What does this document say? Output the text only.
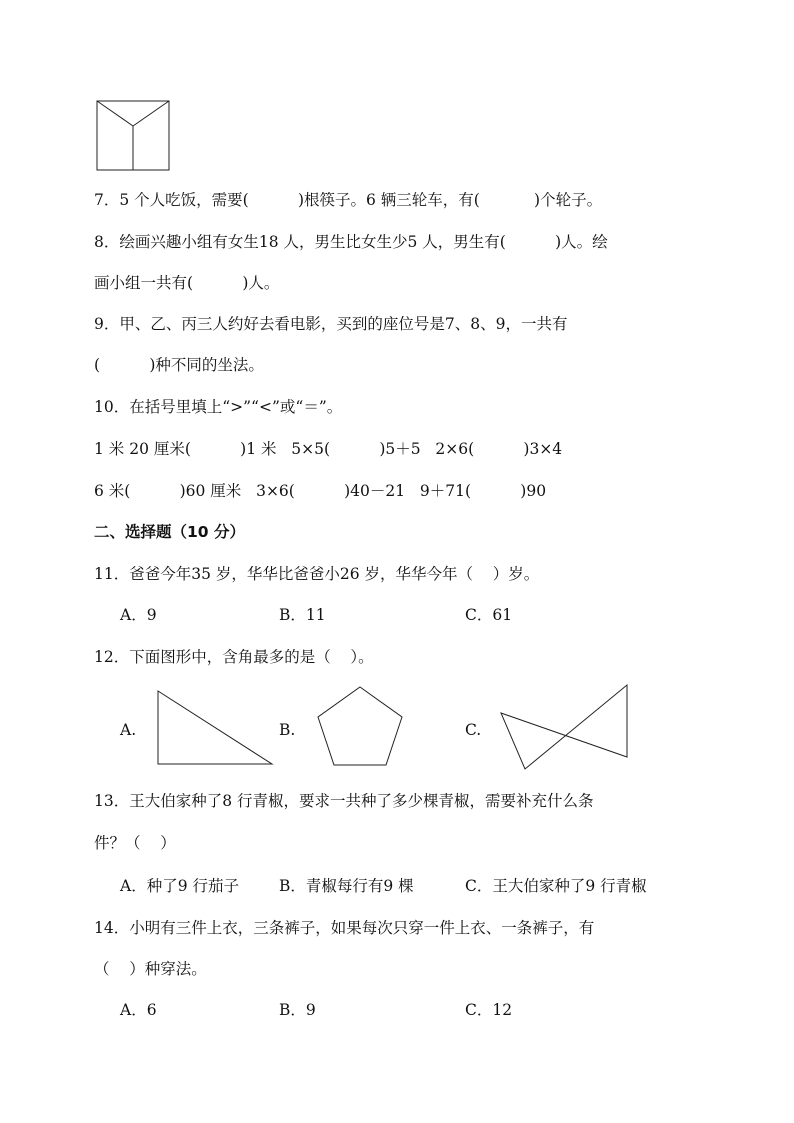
7．5 个人吃饭，需要(          )根筷子。6 辆三轮车，有(           )个轮子。
8．绘画兴趣小组有女生18 人，男生比女生少5 人，男生有(          )人。绘
画小组一共有(          )人。
9．甲、乙、丙三人约好去看电影，买到的座位号是7、8、9，一共有
(          )种不同的坐法。
10．在括号里填上“>”“<”或“＝”。
1 米 20 厘米(          )1 米   5×5(          )5＋5   2×6(          )3×4
6 米(          )60 厘米   3×6(          )40－21   9＋71(          )90
二、选择题（10 分）
11．爸爸今年35 岁，华华比爸爸小26 岁，华华今年（    ）岁。
A．9	B．11	C．61
12．下面图形中，含角最多的是（    ）。
A.	B.	C.
13．王大伯家种了8 行青椒，要求一共种了多少棵青椒，需要补充什么条
件？（    ）
A．种了9 行茄子	B．青椒每行有9 棵	C．王大伯家种了9 行青椒
14．小明有三件上衣，三条裤子，如果每次只穿一件上衣、一条裤子，有
（    ）种穿法。
A．6	B．9	C．12
